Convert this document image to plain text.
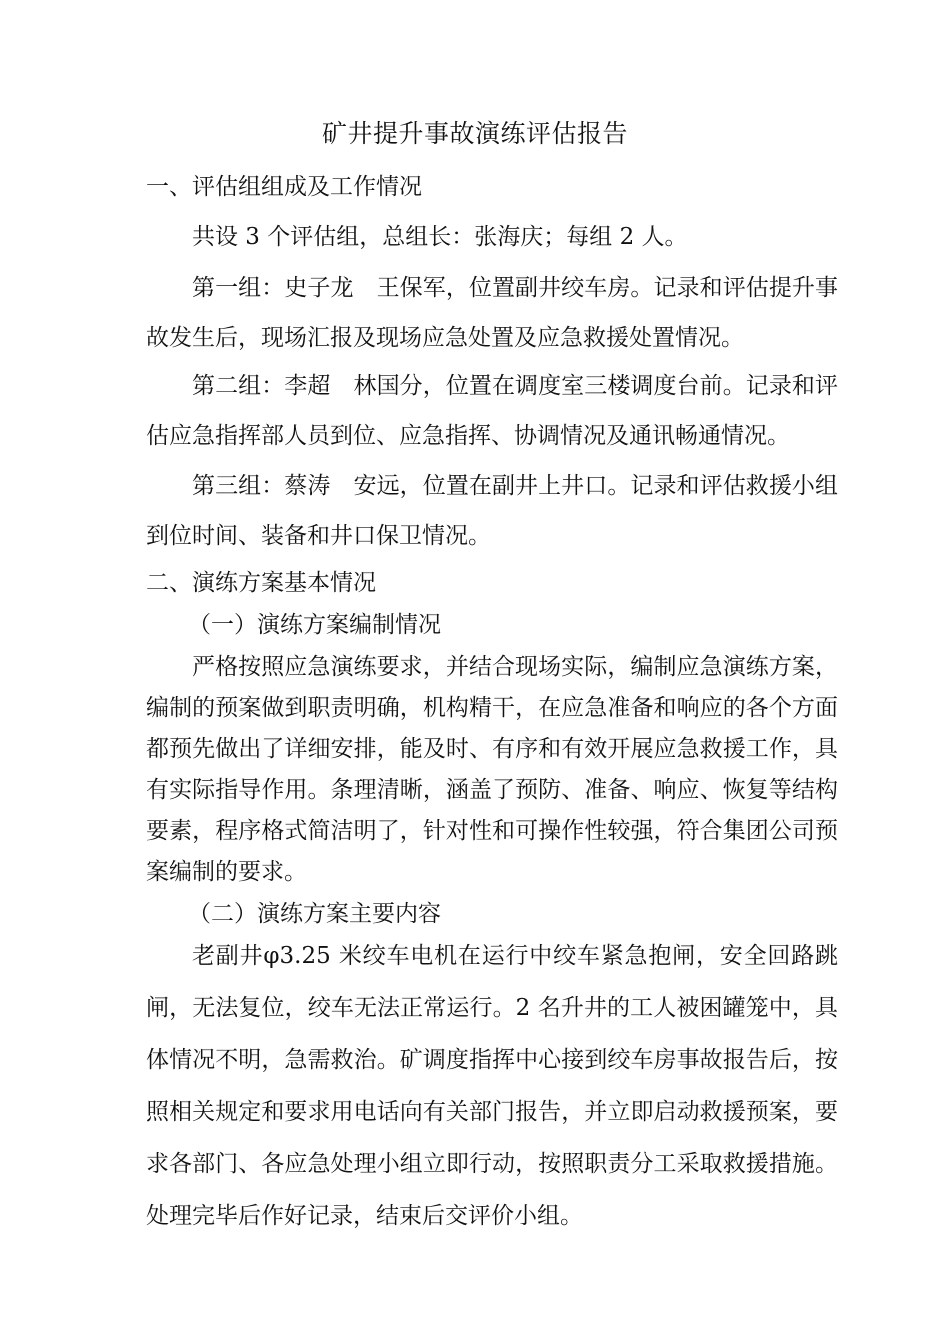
矿井提升事故演练评估报告

一、评估组组成及工作情况

共设 3 个评估组，总组长：张海庆；每组 2 人。

第一组：史子龙　王保军，位置副井绞车房。记录和评估提升事故发生后，现场汇报及现场应急处置及应急救援处置情况。

第二组：李超　林国分，位置在调度室三楼调度台前。记录和评估应急指挥部人员到位、应急指挥、协调情况及通讯畅通情况。

第三组：蔡涛　安远，位置在副井上井口。记录和评估救援小组到位时间、装备和井口保卫情况。

二、演练方案基本情况

（一）演练方案编制情况

严格按照应急演练要求，并结合现场实际，编制应急演练方案，编制的预案做到职责明确，机构精干，在应急准备和响应的各个方面都预先做出了详细安排，能及时、有序和有效开展应急救援工作，具有实际指导作用。条理清晰，涵盖了预防、准备、响应、恢复等结构要素，程序格式简洁明了，针对性和可操作性较强，符合集团公司预案编制的要求。

（二）演练方案主要内容

老副井φ3.25 米绞车电机在运行中绞车紧急抱闸，安全回路跳闸，无法复位，绞车无法正常运行。2 名升井的工人被困罐笼中，具体情况不明，急需救治。矿调度指挥中心接到绞车房事故报告后，按照相关规定和要求用电话向有关部门报告，并立即启动救援预案，要求各部门、各应急处理小组立即行动，按照职责分工采取救援措施。处理完毕后作好记录，结束后交评价小组。
